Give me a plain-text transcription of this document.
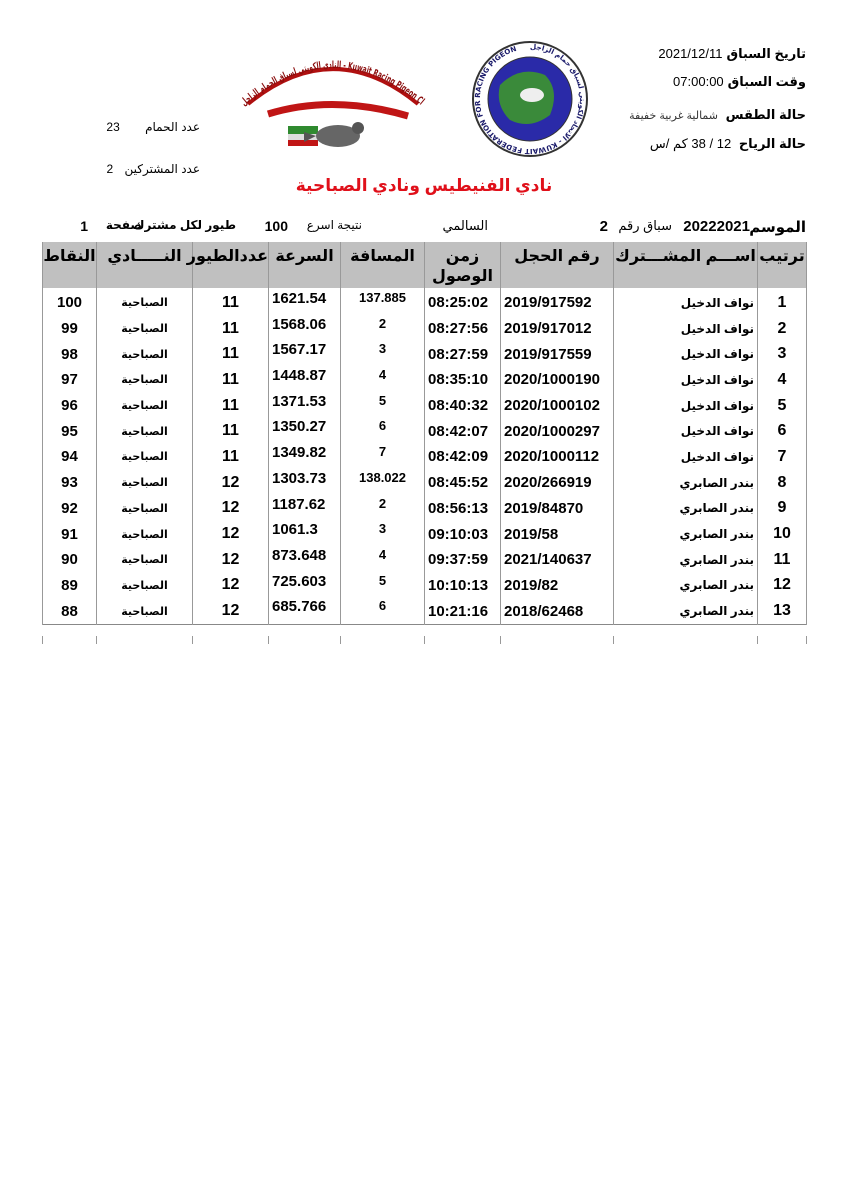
النادي الكويتي لسباق الحمام الزاجل - Kuwait Racing Pigeon Cl
الاتحاد الكويتي لسباق حمام الزاجل - KUWAIT FEDERATION FOR RACING PIGEON	تاريخ السباق2021/12/11
وقت السباق07:00:00
حالة الطقس شمالية غربية خفيفة
حالة الرياح 12 / 38 كم /س
عدد الحمام 23
عدد المشتركين 2
نادي الفنيطيس ونادي الصباحية
الموسم
20222021
سباق رقم
2
السالمي
نتيجة اسرع
100
طيور لكل مشترك
صفحة
1
ترتيب	اســـم المشـــترك	رقم الحجل	زمن الوصول	المسافة	السرعة	عددالطيور	النـــــادي	النقاط

1	نواف الدخيل	2019/917592	08:25:02	137.885	1621.54	11	الصباحية	100
2	نواف الدخيل	2019/917012	08:27:56	2	1568.06	11	الصباحية	99
3	نواف الدخيل	2019/917559	08:27:59	3	1567.17	11	الصباحية	98
4	نواف الدخيل	2020/1000190	08:35:10	4	1448.87	11	الصباحية	97
5	نواف الدخيل	2020/1000102	08:40:32	5	1371.53	11	الصباحية	96
6	نواف الدخيل	2020/1000297	08:42:07	6	1350.27	11	الصباحية	95
7	نواف الدخيل	2020/1000112	08:42:09	7	1349.82	11	الصباحية	94
8	بندر الصابري	2020/266919	08:45:52	138.022	1303.73	12	الصباحية	93
9	بندر الصابري	2019/84870	08:56:13	2	1187.62	12	الصباحية	92
10	بندر الصابري	2019/58	09:10:03	3	1061.3	12	الصباحية	91
11	بندر الصابري	2021/140637	09:37:59	4	873.648	12	الصباحية	90
12	بندر الصابري	2019/82	10:10:13	5	725.603	12	الصباحية	89
13	بندر الصابري	2018/62468	10:21:16	6	685.766	12	الصباحية	88
